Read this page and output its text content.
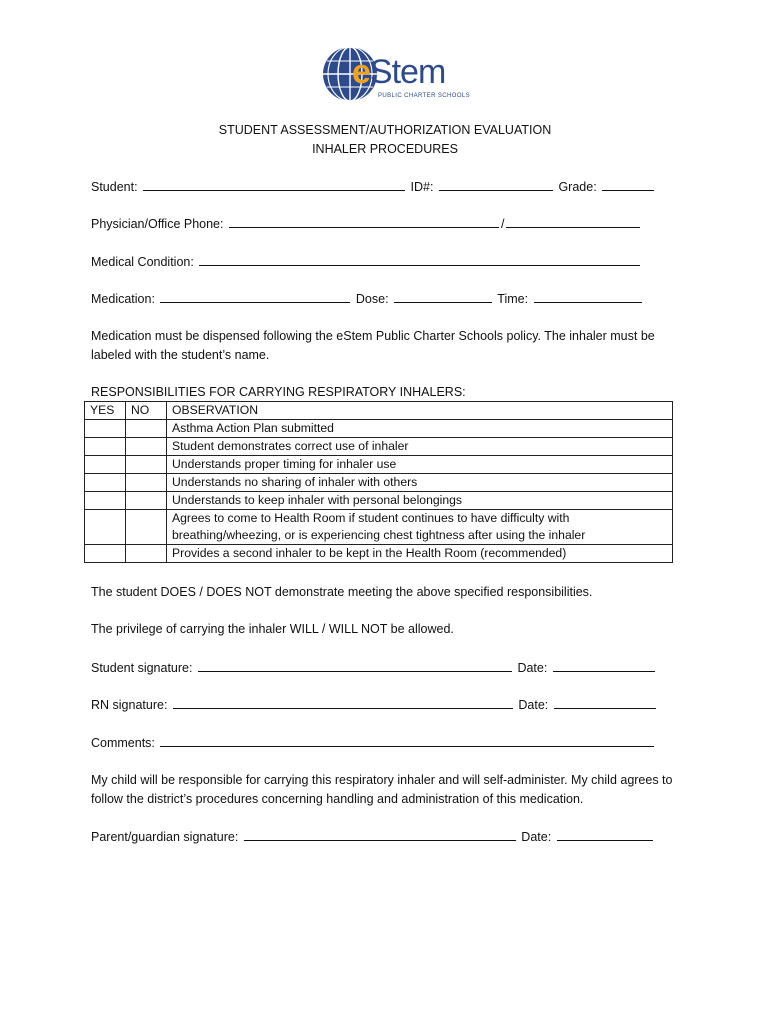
eStem
PUBLIC CHARTER SCHOOLS
STUDENT ASSESSMENT/AUTHORIZATION EVALUATION
INHALER PROCEDURES
Student:	ID#:	Grade:
Physician/Office Phone:	/
Medical Condition:
Medication:	Dose:	Time:
Medication must be dispensed following the eStem Public Charter Schools policy. The inhaler must be labeled with the student’s name.
RESPONSIBILITIES FOR CARRYING RESPIRATORY INHALERS:
YES	NO	OBSERVATION
		Asthma Action Plan submitted
		Student demonstrates correct use of inhaler
		Understands proper timing for inhaler use
		Understands no sharing of inhaler with others
		Understands to keep inhaler with personal belongings
		Agrees to come to Health Room if student continues to have difficulty with breathing/wheezing, or is experiencing chest tightness after using the inhaler
		Provides a second inhaler to be kept in the Health Room (recommended)
The student DOES / DOES NOT demonstrate meeting the above specified responsibilities.
The privilege of carrying the inhaler WILL / WILL NOT be allowed.
Student signature:	Date:
RN signature:	Date:
Comments:
My child will be responsible for carrying this respiratory inhaler and will self-administer. My child agrees to follow the district’s procedures concerning handling and administration of this medication.
Parent/guardian signature:	Date:
